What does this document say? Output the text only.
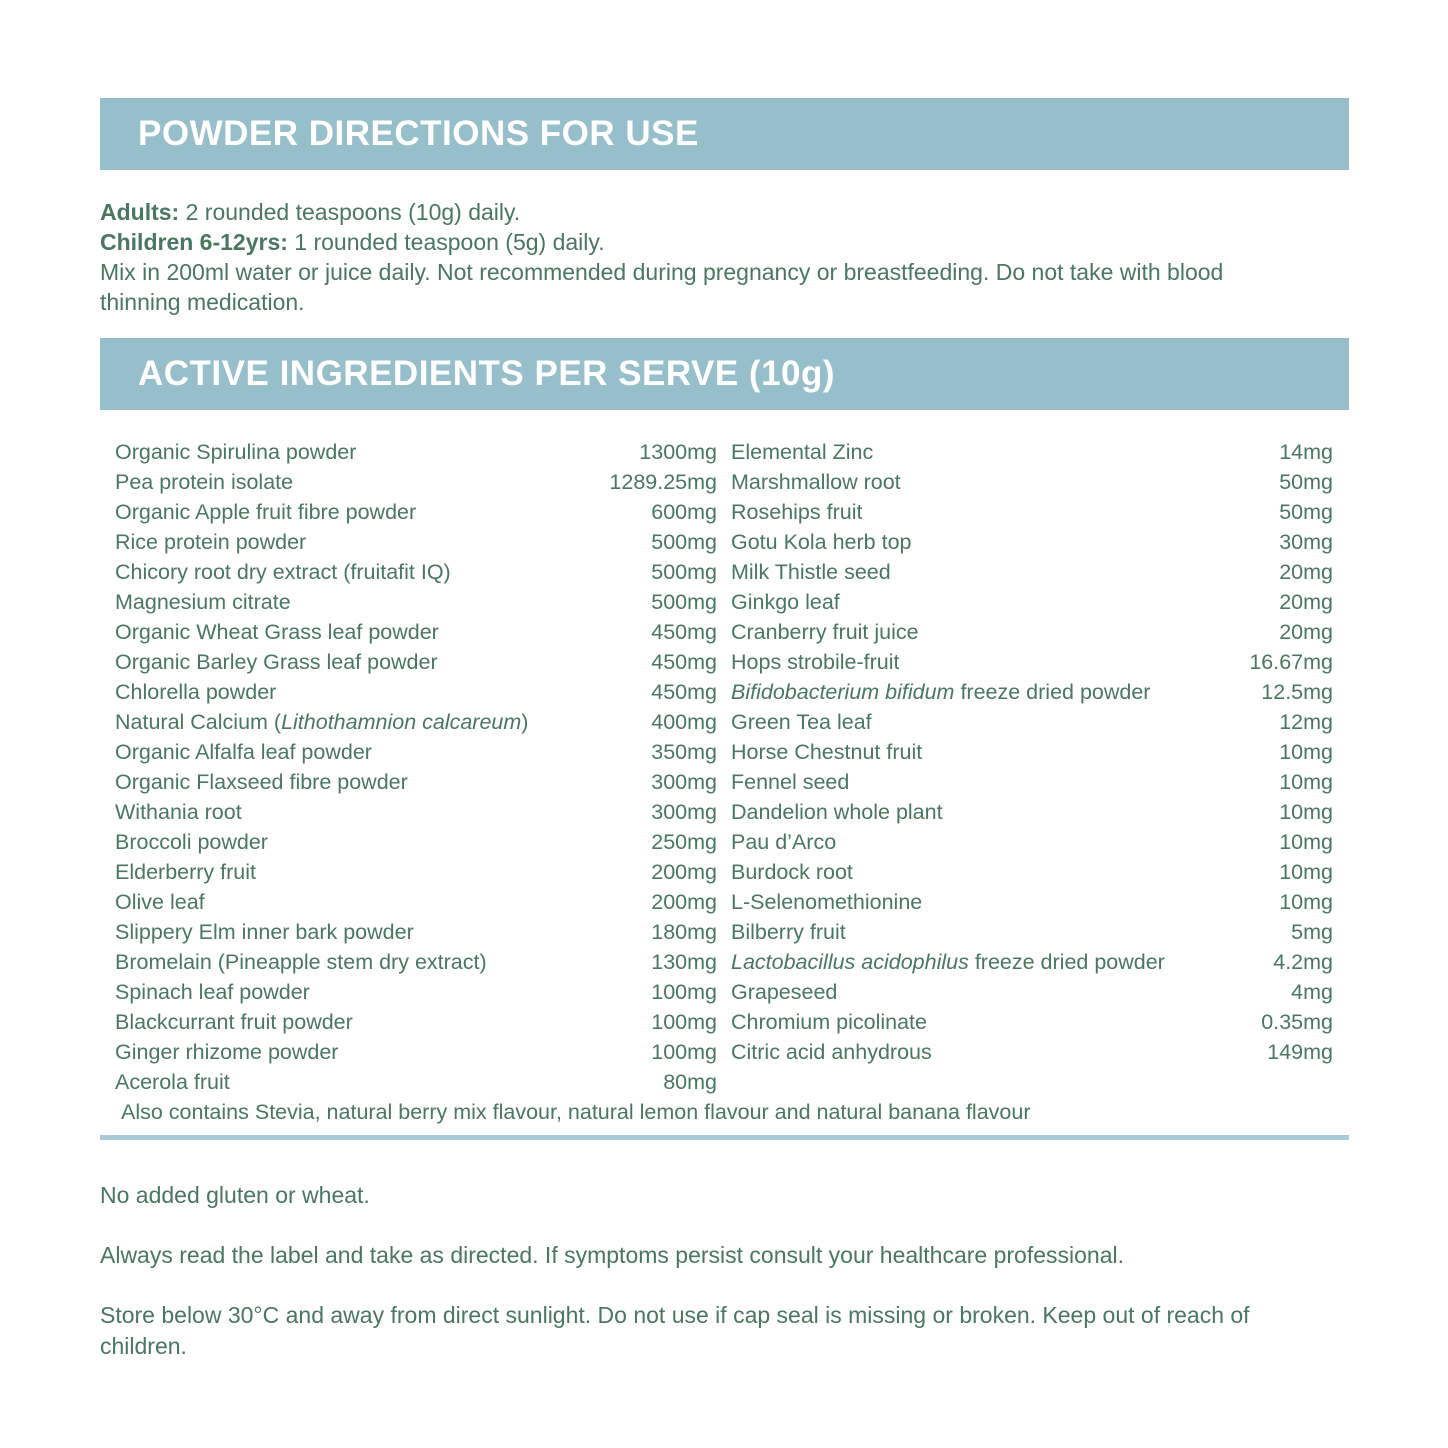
POWDER DIRECTIONS FOR USE
Adults: 2 rounded teaspoons (10g) daily.
Children 6-12yrs: 1 rounded teaspoon (5g) daily.
Mix in 200ml water or juice daily. Not recommended during pregnancy or breastfeeding. Do not take with blood thinning medication.
ACTIVE INGREDIENTS PER SERVE (10g)
Organic Spirulina powder	1300mg
Pea protein isolate	1289.25mg
Organic Apple fruit fibre powder	600mg
Rice protein powder	500mg
Chicory root dry extract (fruitafit IQ)	500mg
Magnesium citrate	500mg
Organic Wheat Grass leaf powder	450mg
Organic Barley Grass leaf powder	450mg
Chlorella powder	450mg
Natural Calcium (Lithothamnion calcareum)	400mg
Organic Alfalfa leaf powder	350mg
Organic Flaxseed fibre powder	300mg
Withania root	300mg
Broccoli powder	250mg
Elderberry fruit	200mg
Olive leaf	200mg
Slippery Elm inner bark powder	180mg
Bromelain (Pineapple stem dry extract)	130mg
Spinach leaf powder	100mg
Blackcurrant fruit powder	100mg
Ginger rhizome powder	100mg
Acerola fruit	80mg
Elemental Zinc	14mg
Marshmallow root	50mg
Rosehips fruit	50mg
Gotu Kola herb top	30mg
Milk Thistle seed	20mg
Ginkgo leaf	20mg
Cranberry fruit juice	20mg
Hops strobile-fruit	16.67mg
Bifidobacterium bifidum freeze dried powder	12.5mg
Green Tea leaf	12mg
Horse Chestnut fruit	10mg
Fennel seed	10mg
Dandelion whole plant	10mg
Pau d’Arco	10mg
Burdock root	10mg
L-Selenomethionine	10mg
Bilberry fruit	5mg
Lactobacillus acidophilus freeze dried powder	4.2mg
Grapeseed	4mg
Chromium picolinate	0.35mg
Citric acid anhydrous	149mg
Also contains Stevia, natural berry mix flavour, natural lemon flavour and natural banana flavour

No added gluten or wheat.

Always read the label and take as directed. If symptoms persist consult your healthcare professional.

Store below 30°C and away from direct sunlight. Do not use if cap seal is missing or broken. Keep out of reach of children.
